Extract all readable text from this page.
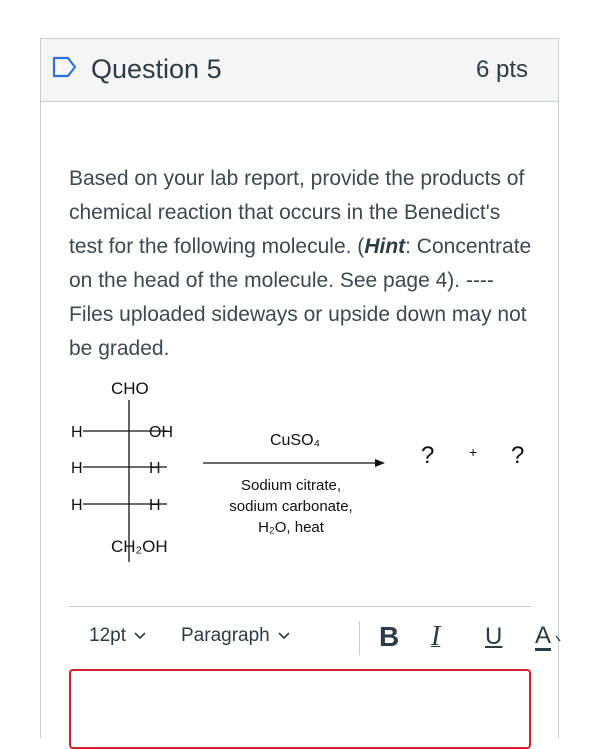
Question 5	6 pts
Based on your lab report, provide the products of chemical reaction that occurs in the Benedict's test for the following molecule. (Hint: Concentrate on the head of the molecule. See page 4). ---- Files uploaded sideways or upside down may not be graded.
CHO
H	OH
H	H
H	H
CH₂OH
CuSO₄
Sodium citrate,
sodium carbonate,
H₂O, heat
? + ?
12pt	Paragraph	B I U A
